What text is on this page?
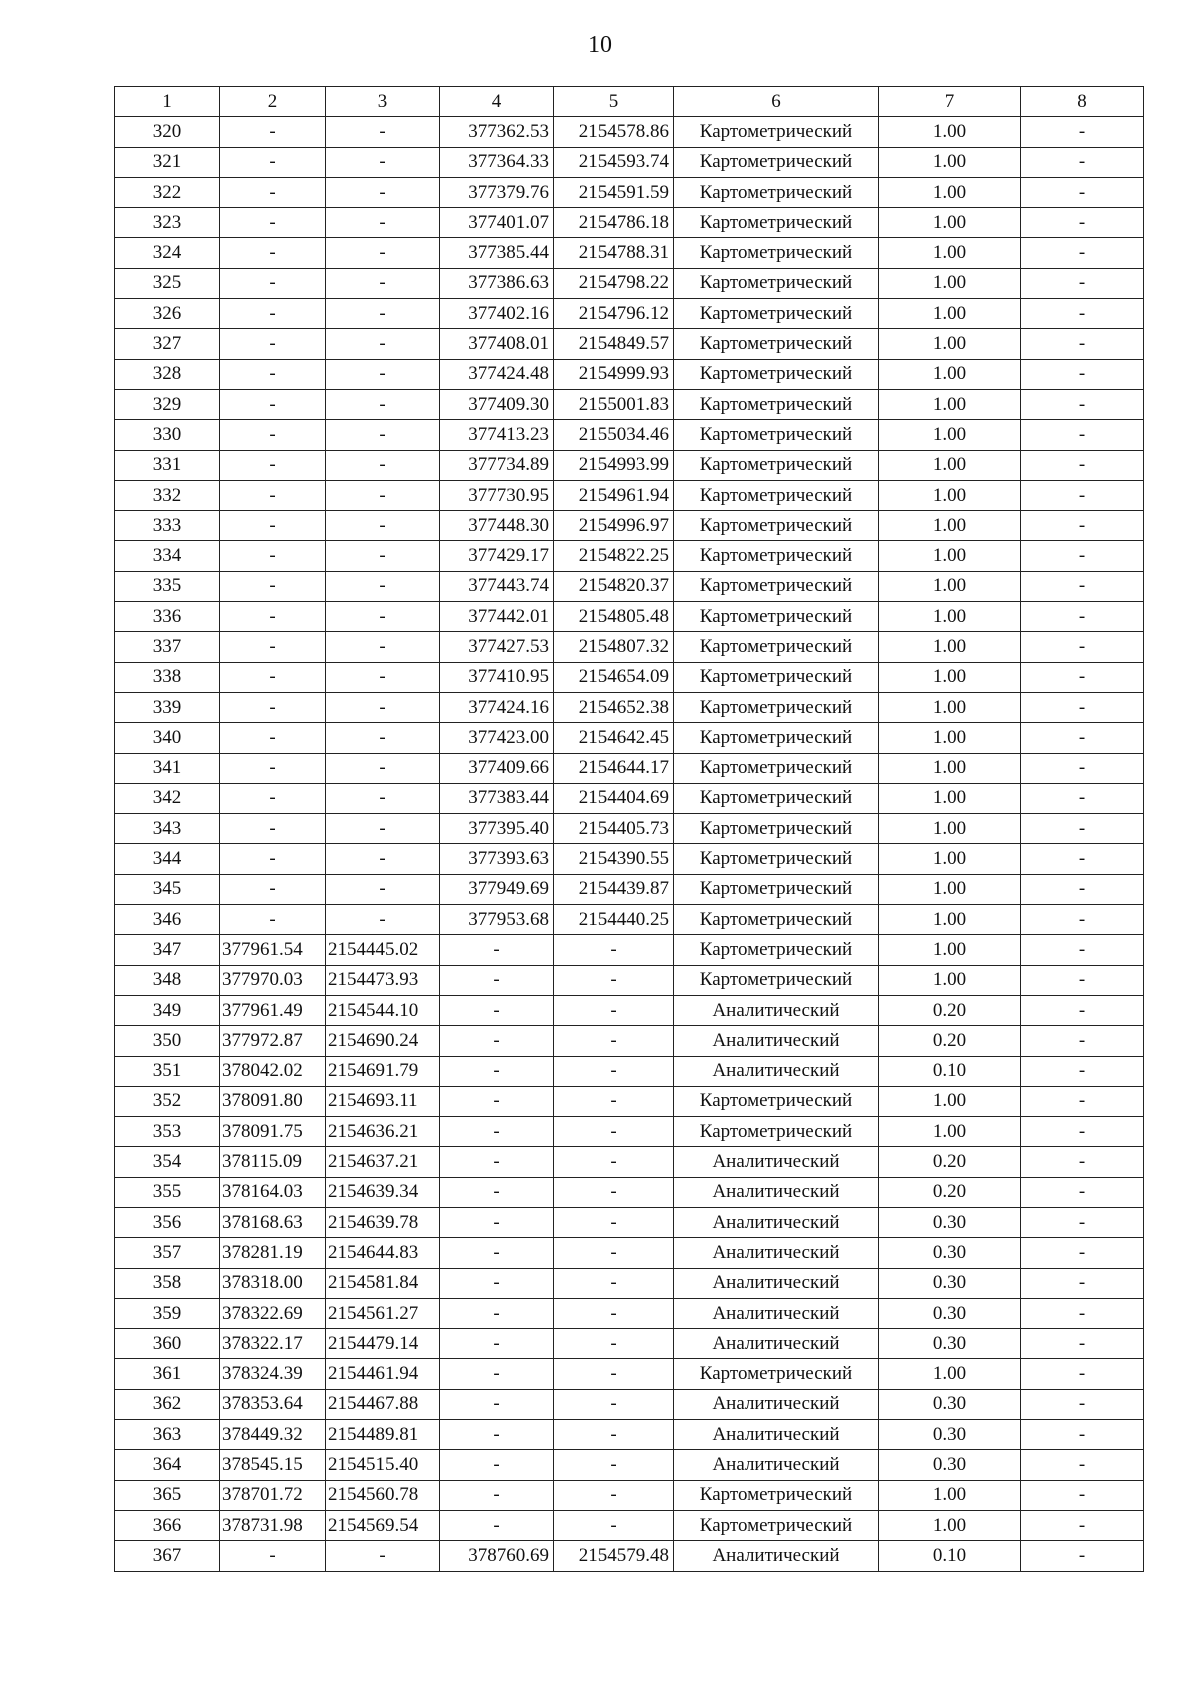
10
1	2	3	4	5	6	7	8
320	-	-	377362.53	2154578.86	Картометрический	1.00	-
321	-	-	377364.33	2154593.74	Картометрический	1.00	-
322	-	-	377379.76	2154591.59	Картометрический	1.00	-
323	-	-	377401.07	2154786.18	Картометрический	1.00	-
324	-	-	377385.44	2154788.31	Картометрический	1.00	-
325	-	-	377386.63	2154798.22	Картометрический	1.00	-
326	-	-	377402.16	2154796.12	Картометрический	1.00	-
327	-	-	377408.01	2154849.57	Картометрический	1.00	-
328	-	-	377424.48	2154999.93	Картометрический	1.00	-
329	-	-	377409.30	2155001.83	Картометрический	1.00	-
330	-	-	377413.23	2155034.46	Картометрический	1.00	-
331	-	-	377734.89	2154993.99	Картометрический	1.00	-
332	-	-	377730.95	2154961.94	Картометрический	1.00	-
333	-	-	377448.30	2154996.97	Картометрический	1.00	-
334	-	-	377429.17	2154822.25	Картометрический	1.00	-
335	-	-	377443.74	2154820.37	Картометрический	1.00	-
336	-	-	377442.01	2154805.48	Картометрический	1.00	-
337	-	-	377427.53	2154807.32	Картометрический	1.00	-
338	-	-	377410.95	2154654.09	Картометрический	1.00	-
339	-	-	377424.16	2154652.38	Картометрический	1.00	-
340	-	-	377423.00	2154642.45	Картометрический	1.00	-
341	-	-	377409.66	2154644.17	Картометрический	1.00	-
342	-	-	377383.44	2154404.69	Картометрический	1.00	-
343	-	-	377395.40	2154405.73	Картометрический	1.00	-
344	-	-	377393.63	2154390.55	Картометрический	1.00	-
345	-	-	377949.69	2154439.87	Картометрический	1.00	-
346	-	-	377953.68	2154440.25	Картометрический	1.00	-
347	377961.54	2154445.02	-	-	Картометрический	1.00	-
348	377970.03	2154473.93	-	-	Картометрический	1.00	-
349	377961.49	2154544.10	-	-	Аналитический	0.20	-
350	377972.87	2154690.24	-	-	Аналитический	0.20	-
351	378042.02	2154691.79	-	-	Аналитический	0.10	-
352	378091.80	2154693.11	-	-	Картометрический	1.00	-
353	378091.75	2154636.21	-	-	Картометрический	1.00	-
354	378115.09	2154637.21	-	-	Аналитический	0.20	-
355	378164.03	2154639.34	-	-	Аналитический	0.20	-
356	378168.63	2154639.78	-	-	Аналитический	0.30	-
357	378281.19	2154644.83	-	-	Аналитический	0.30	-
358	378318.00	2154581.84	-	-	Аналитический	0.30	-
359	378322.69	2154561.27	-	-	Аналитический	0.30	-
360	378322.17	2154479.14	-	-	Аналитический	0.30	-
361	378324.39	2154461.94	-	-	Картометрический	1.00	-
362	378353.64	2154467.88	-	-	Аналитический	0.30	-
363	378449.32	2154489.81	-	-	Аналитический	0.30	-
364	378545.15	2154515.40	-	-	Аналитический	0.30	-
365	378701.72	2154560.78	-	-	Картометрический	1.00	-
366	378731.98	2154569.54	-	-	Картометрический	1.00	-
367	-	-	378760.69	2154579.48	Аналитический	0.10	-
